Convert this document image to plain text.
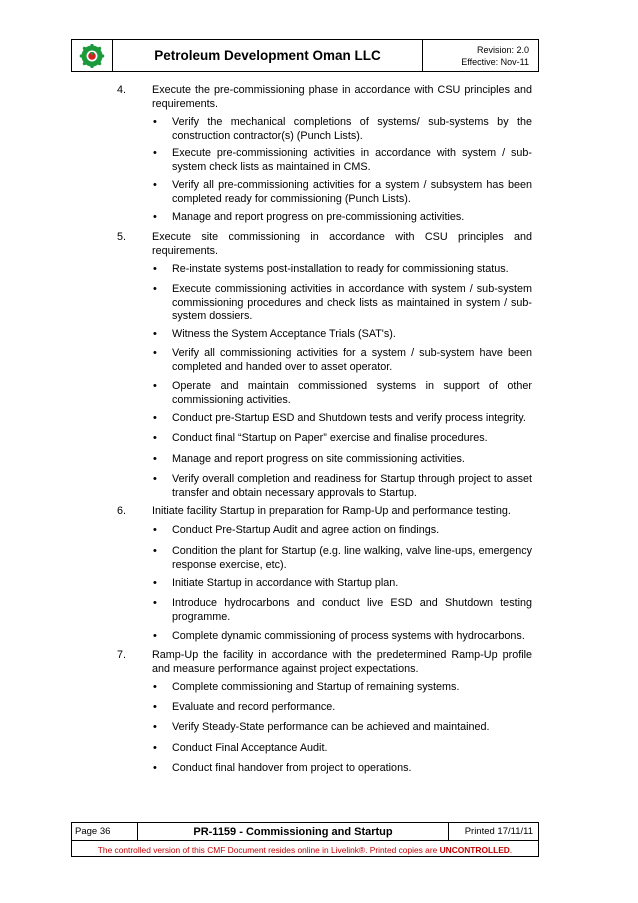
Petroleum Development Oman LLC	Revision: 2.0
Effective: Nov-11
4. Execute the pre-commissioning phase in accordance with CSU principles and requirements.
• Verify the mechanical completions of systems/ sub-systems by the construction contractor(s) (Punch Lists).
• Execute pre-commissioning activities in accordance with system / sub-system check lists as maintained in CMS.
• Verify all pre-commissioning activities for a system / subsystem has been completed ready for commissioning (Punch Lists).
• Manage and report progress on pre-commissioning activities.
5. Execute site commissioning in accordance with CSU principles and requirements.
• Re-instate systems post-installation to ready for commissioning status.
• Execute commissioning activities in accordance with system / sub-system commissioning procedures and check lists as maintained in system / sub-system dossiers.
• Witness the System Acceptance Trials (SAT's).
• Verify all commissioning activities for a system / sub-system have been completed and handed over to asset operator.
• Operate and maintain commissioned systems in support of other commissioning activities.
• Conduct pre-Startup ESD and Shutdown tests and verify process integrity.
• Conduct final “Startup on Paper” exercise and finalise procedures.
• Manage and report progress on site commissioning activities.
• Verify overall completion and readiness for Startup through project to asset transfer and obtain necessary approvals to Startup.
6. Initiate facility Startup in preparation for Ramp-Up and performance testing.
• Conduct Pre-Startup Audit and agree action on findings.
• Condition the plant for Startup (e.g. line walking, valve line-ups, emergency response exercise, etc).
• Initiate Startup in accordance with Startup plan.
• Introduce hydrocarbons and conduct live ESD and Shutdown testing programme.
• Complete dynamic commissioning of process systems with hydrocarbons.
7. Ramp-Up the facility in accordance with the predetermined Ramp-Up profile and measure performance against project expectations.
• Complete commissioning and Startup of remaining systems.
• Evaluate and record performance.
• Verify Steady-State performance can be achieved and maintained.
• Conduct Final Acceptance Audit.
• Conduct final handover from project to operations.
Page 36	PR-1159 - Commissioning and Startup	Printed 17/11/11
The controlled version of this CMF Document resides online in Livelink®. Printed copies are
UNCONTROLLED .
